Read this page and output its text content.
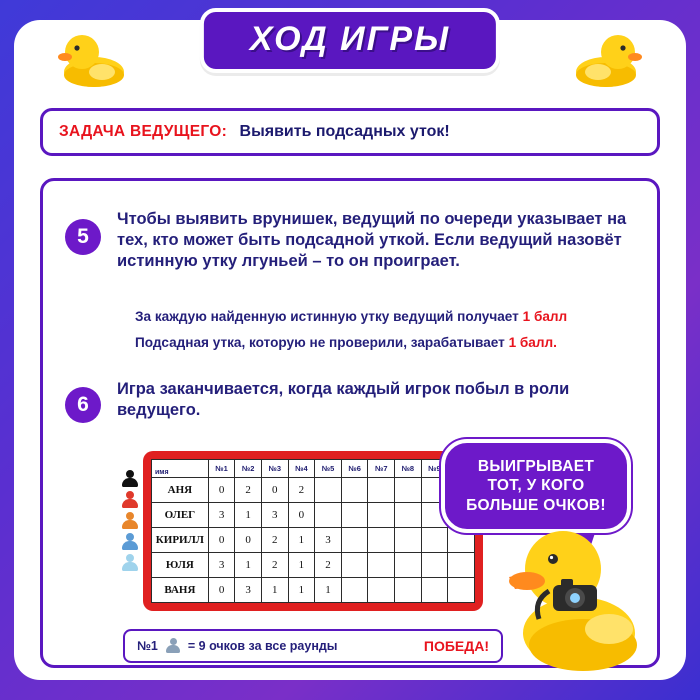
ХОД ИГРЫ
ЗАДАЧА ВЕДУЩЕГО: Выявить подсадных уток!
5
Чтобы выявить врунишек, ведущий по очереди указывает на тех, кто может быть подсадной уткой. Если ведущий назовёт истинную утку лгуньей – то он проиграет.
За каждую найденную истинную утку ведущий получает 1 балл
Подсадная утка, которую не проверили, зарабатывает 1 балл.
6
Игра заканчивается, когда каждый игрок побыл в роли ведущего.
баллы
имя	№1	№2	№3	№4	№5	№6	№7	№8	№9	
АНЯ	0	2	0	2						
ОЛЕГ	3	1	3	0						
КИРИЛЛ	0	0	2	1	3					
ЮЛЯ	3	1	2	1	2					
ВАНЯ	0	3	1	1	1					
№1 = 9 очков за все раунды	ПОБЕДА!
ВЫИГРЫВАЕТ
ТОТ, У КОГО
БОЛЬШЕ ОЧКОВ!
